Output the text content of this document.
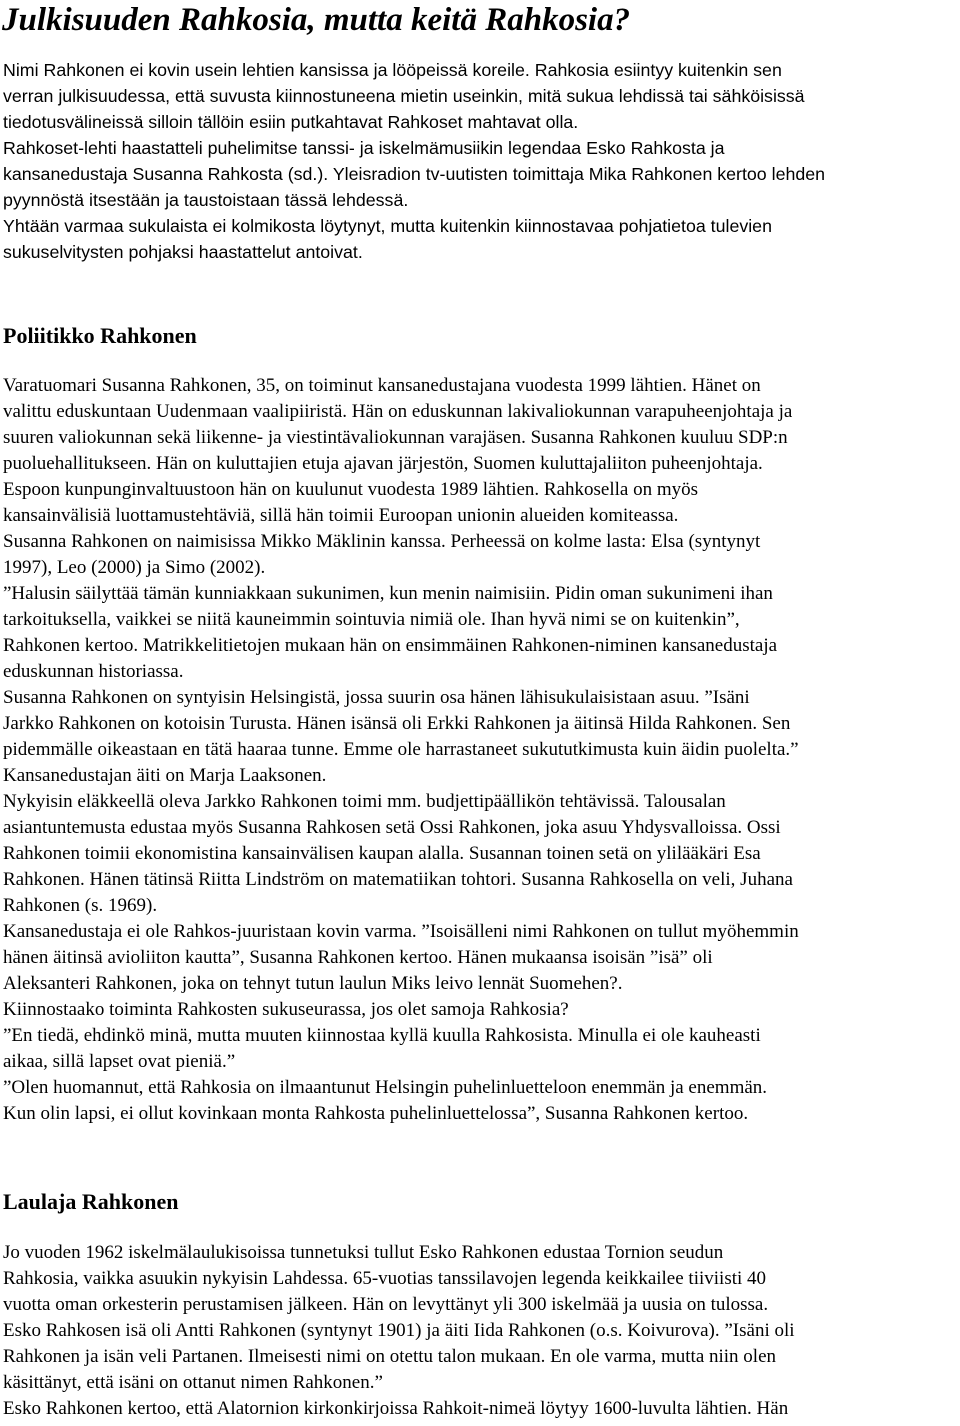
Julkisuuden Rahkosia, mutta keitä Rahkosia?
Nimi Rahkonen ei kovin usein lehtien kansissa ja lööpeissä koreile. Rahkosia esiintyy kuitenkin sen
verran julkisuudessa, että suvusta kiinnostuneena mietin useinkin, mitä sukua lehdissä tai sähköisissä
tiedotusvälineissä silloin tällöin esiin putkahtavat Rahkoset mahtavat olla.
Rahkoset-lehti haastatteli puhelimitse tanssi- ja iskelmämusiikin legendaa Esko Rahkosta ja
kansanedustaja Susanna Rahkosta (sd.). Yleisradion tv-uutisten toimittaja Mika Rahkonen kertoo lehden
pyynnöstä itsestään ja taustoistaan tässä lehdessä.
Yhtään varmaa sukulaista ei kolmikosta löytynyt, mutta kuitenkin kiinnostavaa pohjatietoa tulevien
sukuselvitysten pohjaksi haastattelut antoivat.
Poliitikko Rahkonen
Varatuomari Susanna Rahkonen, 35, on toiminut kansanedustajana vuodesta 1999 lähtien. Hänet on
valittu eduskuntaan Uudenmaan vaalipiiristä. Hän on eduskunnan lakivaliokunnan varapuheenjohtaja ja
suuren valiokunnan sekä liikenne- ja viestintävaliokunnan varajäsen. Susanna Rahkonen kuuluu SDP:n
puoluehallitukseen. Hän on kuluttajien etuja ajavan järjestön, Suomen kuluttajaliiton puheenjohtaja.
Espoon kunpunginvaltuustoon hän on kuulunut vuodesta 1989 lähtien. Rahkosella on myös
kansainvälisiä luottamustehtäviä, sillä hän toimii Euroopan unionin alueiden komiteassa.
Susanna Rahkonen on naimisissa Mikko Mäklinin kanssa. Perheessä on kolme lasta: Elsa (syntynyt
1997), Leo (2000) ja Simo (2002).
”Halusin säilyttää tämän kunniakkaan sukunimen, kun menin naimisiin. Pidin oman sukunimeni ihan
tarkoituksella, vaikkei se niitä kauneimmin sointuvia nimiä ole. Ihan hyvä nimi se on kuitenkin”,
Rahkonen kertoo. Matrikkelitietojen mukaan hän on ensimmäinen Rahkonen-niminen kansanedustaja
eduskunnan historiassa.
Susanna Rahkonen on syntyisin Helsingistä, jossa suurin osa hänen lähisukulaisistaan asuu. ”Isäni
Jarkko Rahkonen on kotoisin Turusta. Hänen isänsä oli Erkki Rahkonen ja äitinsä Hilda Rahkonen. Sen
pidemmälle oikeastaan en tätä haaraa tunne. Emme ole harrastaneet sukututkimusta kuin äidin puolelta.”
Kansanedustajan äiti on Marja Laaksonen.
Nykyisin eläkkeellä oleva Jarkko Rahkonen toimi mm. budjettipäällikön tehtävissä. Talousalan
asiantuntemusta edustaa myös Susanna Rahkosen setä Ossi Rahkonen, joka asuu Yhdysvalloissa. Ossi
Rahkonen toimii ekonomistina kansainvälisen kaupan alalla. Susannan toinen setä on ylilääkäri Esa
Rahkonen. Hänen tätinsä Riitta Lindström on matematiikan tohtori. Susanna Rahkosella on veli, Juhana
Rahkonen (s. 1969).
Kansanedustaja ei ole Rahkos-juuristaan kovin varma. ”Isoisälleni nimi Rahkonen on tullut myöhemmin
hänen äitinsä avioliiton kautta”, Susanna Rahkonen kertoo. Hänen mukaansa isoisän ”isä” oli
Aleksanteri Rahkonen, joka on tehnyt tutun laulun Miks leivo lennät Suomehen?.
Kiinnostaako toiminta Rahkosten sukuseurassa, jos olet samoja Rahkosia?
”En tiedä, ehdinkö minä, mutta muuten kiinnostaa kyllä kuulla Rahkosista. Minulla ei ole kauheasti
aikaa, sillä lapset ovat pieniä.”
”Olen huomannut, että Rahkosia on ilmaantunut Helsingin puhelinluetteloon enemmän ja enemmän.
Kun olin lapsi, ei ollut kovinkaan monta Rahkosta puhelinluettelossa”, Susanna Rahkonen kertoo.
Laulaja Rahkonen
Jo vuoden 1962 iskelmälaulukisoissa tunnetuksi tullut Esko Rahkonen edustaa Tornion seudun
Rahkosia, vaikka asuukin nykyisin Lahdessa. 65-vuotias tanssilavojen legenda keikkailee tiiviisti 40
vuotta oman orkesterin perustamisen jälkeen. Hän on levyttänyt yli 300 iskelmää ja uusia on tulossa.
Esko Rahkosen isä oli Antti Rahkonen (syntynyt 1901) ja äiti Iida Rahkonen (o.s. Koivurova). ”Isäni oli
Rahkonen ja isän veli Partanen. Ilmeisesti nimi on otettu talon mukaan. En ole varma, mutta niin olen
käsittänyt, että isäni on ottanut nimen Rahkonen.”
Esko Rahkonen kertoo, että Alatornion kirkonkirjoissa Rahkoit-nimeä löytyy 1600-luvulta lähtien. Hän
